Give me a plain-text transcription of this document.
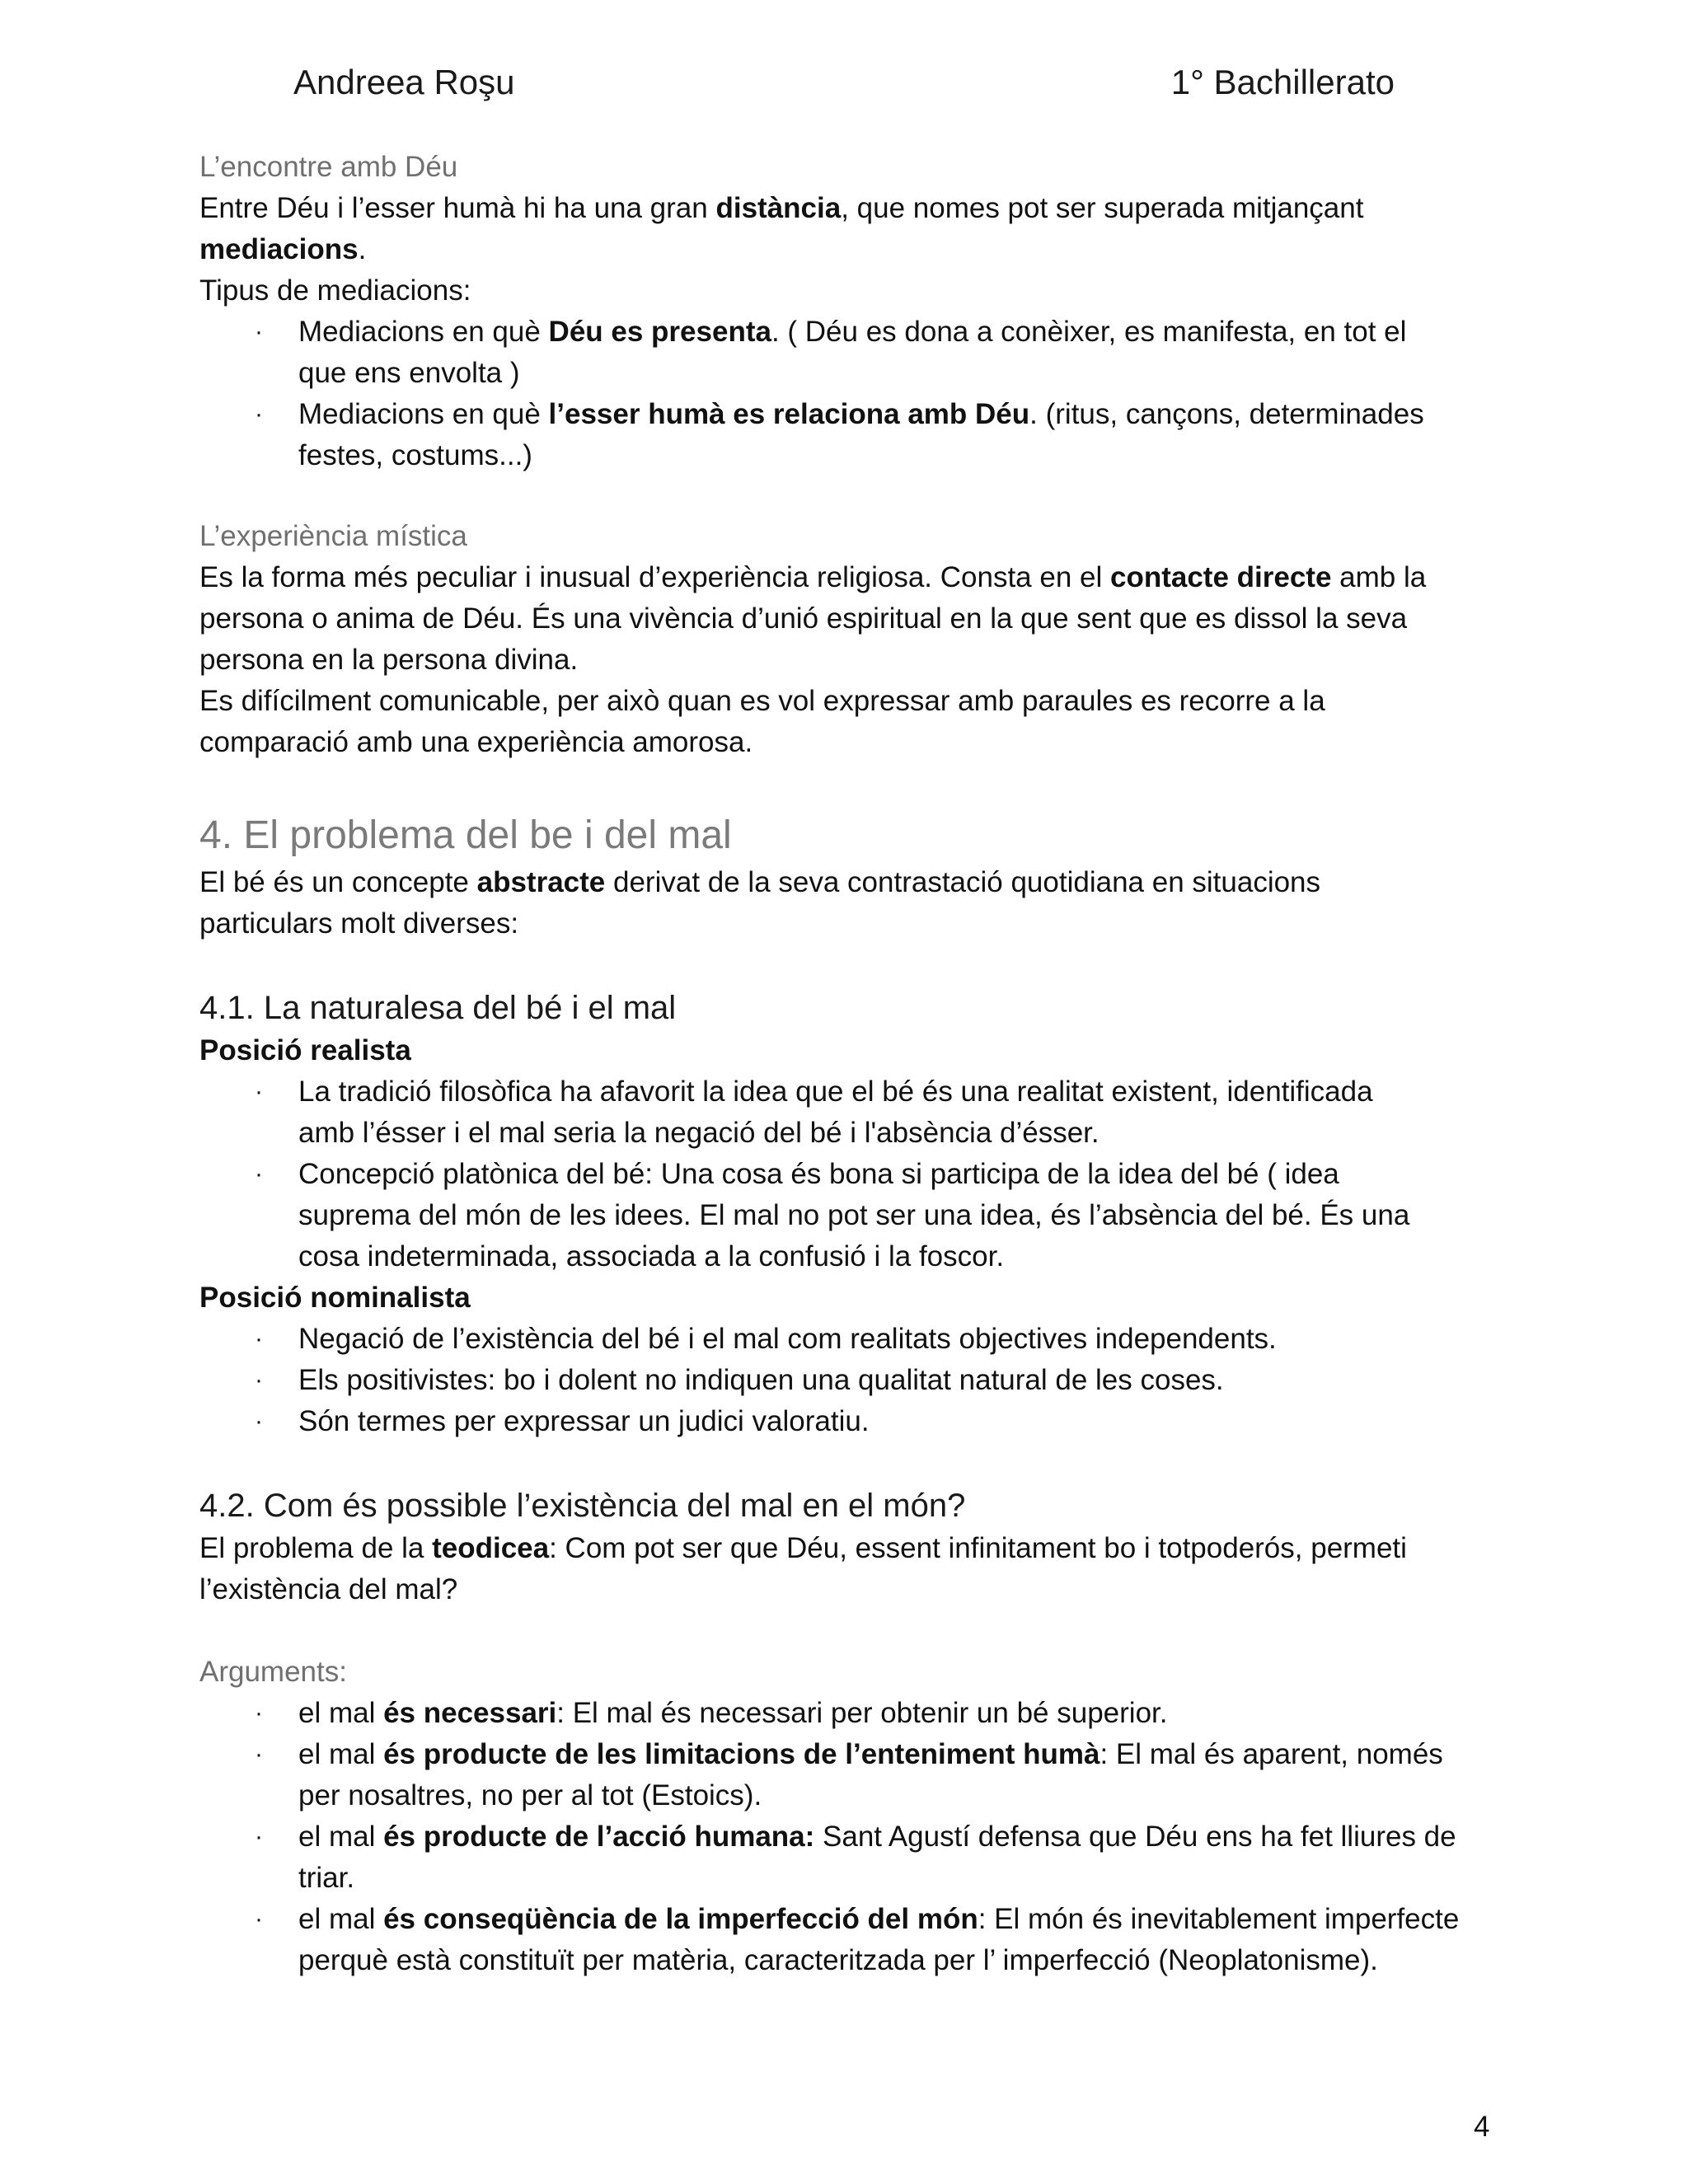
Andreea Roşu	1° Bachillerato

L’encontre amb Déu

Entre Déu i l’esser humà hi ha una gran distància, que nomes pot ser superada mitjançant

mediacions.

Tipus de mediacions:

· Mediacions en què Déu es presenta. ( Déu es dona a conèixer, es manifesta, en tot el
que ens envolta )
· Mediacions en què l’esser humà es relaciona amb Déu. (ritus, cançons, determinades
festes, costums...)

L’experiència mística

Es la forma més peculiar i inusual d’experiència religiosa. Consta en el contacte directe amb la
persona o anima de Déu. És una vivència d’unió espiritual en la que sent que es dissol la seva
persona en la persona divina.
Es difícilment comunicable, per això quan es vol expressar amb paraules es recorre a la
comparació amb una experiència amorosa.

4. El problema del be i del mal

El bé és un concepte abstracte derivat de la seva contrastació quotidiana en situacions
particulars molt diverses:

4.1. La naturalesa del bé i el mal

Posició realista

· La tradició filosòfica ha afavorit la idea que el bé és una realitat existent, identificada
amb l’ésser i el mal seria la negació del bé i l'absència d’ésser.
· Concepció platònica del bé: Una cosa és bona si participa de la idea del bé ( idea
suprema del món de les idees. El mal no pot ser una idea, és l’absència del bé. És una
cosa indeterminada, associada a la confusió i la foscor.

Posició nominalista

· Negació de l’existència del bé i el mal com realitats objectives independents.
· Els positivistes: bo i dolent no indiquen una qualitat natural de les coses.
· Són termes per expressar un judici valoratiu.

4.2. Com és possible l’existència del mal en el món?

El problema de la teodicea: Com pot ser que Déu, essent infinitament bo i totpoderós, permeti
l’existència del mal?

Arguments:

· el mal és necessari: El mal és necessari per obtenir un bé superior.
· el mal és producte de les limitacions de l’enteniment humà: El mal és aparent, només
per nosaltres, no per al tot (Estoics).
· el mal és producte de l’acció humana: Sant Agustí defensa que Déu ens ha fet lliures de
triar.
· el mal és conseqüència de la imperfecció del món: El món és inevitablement imperfecte
perquè està constituït per matèria, caracteritzada per l’ imperfecció (Neoplatonisme).
4
